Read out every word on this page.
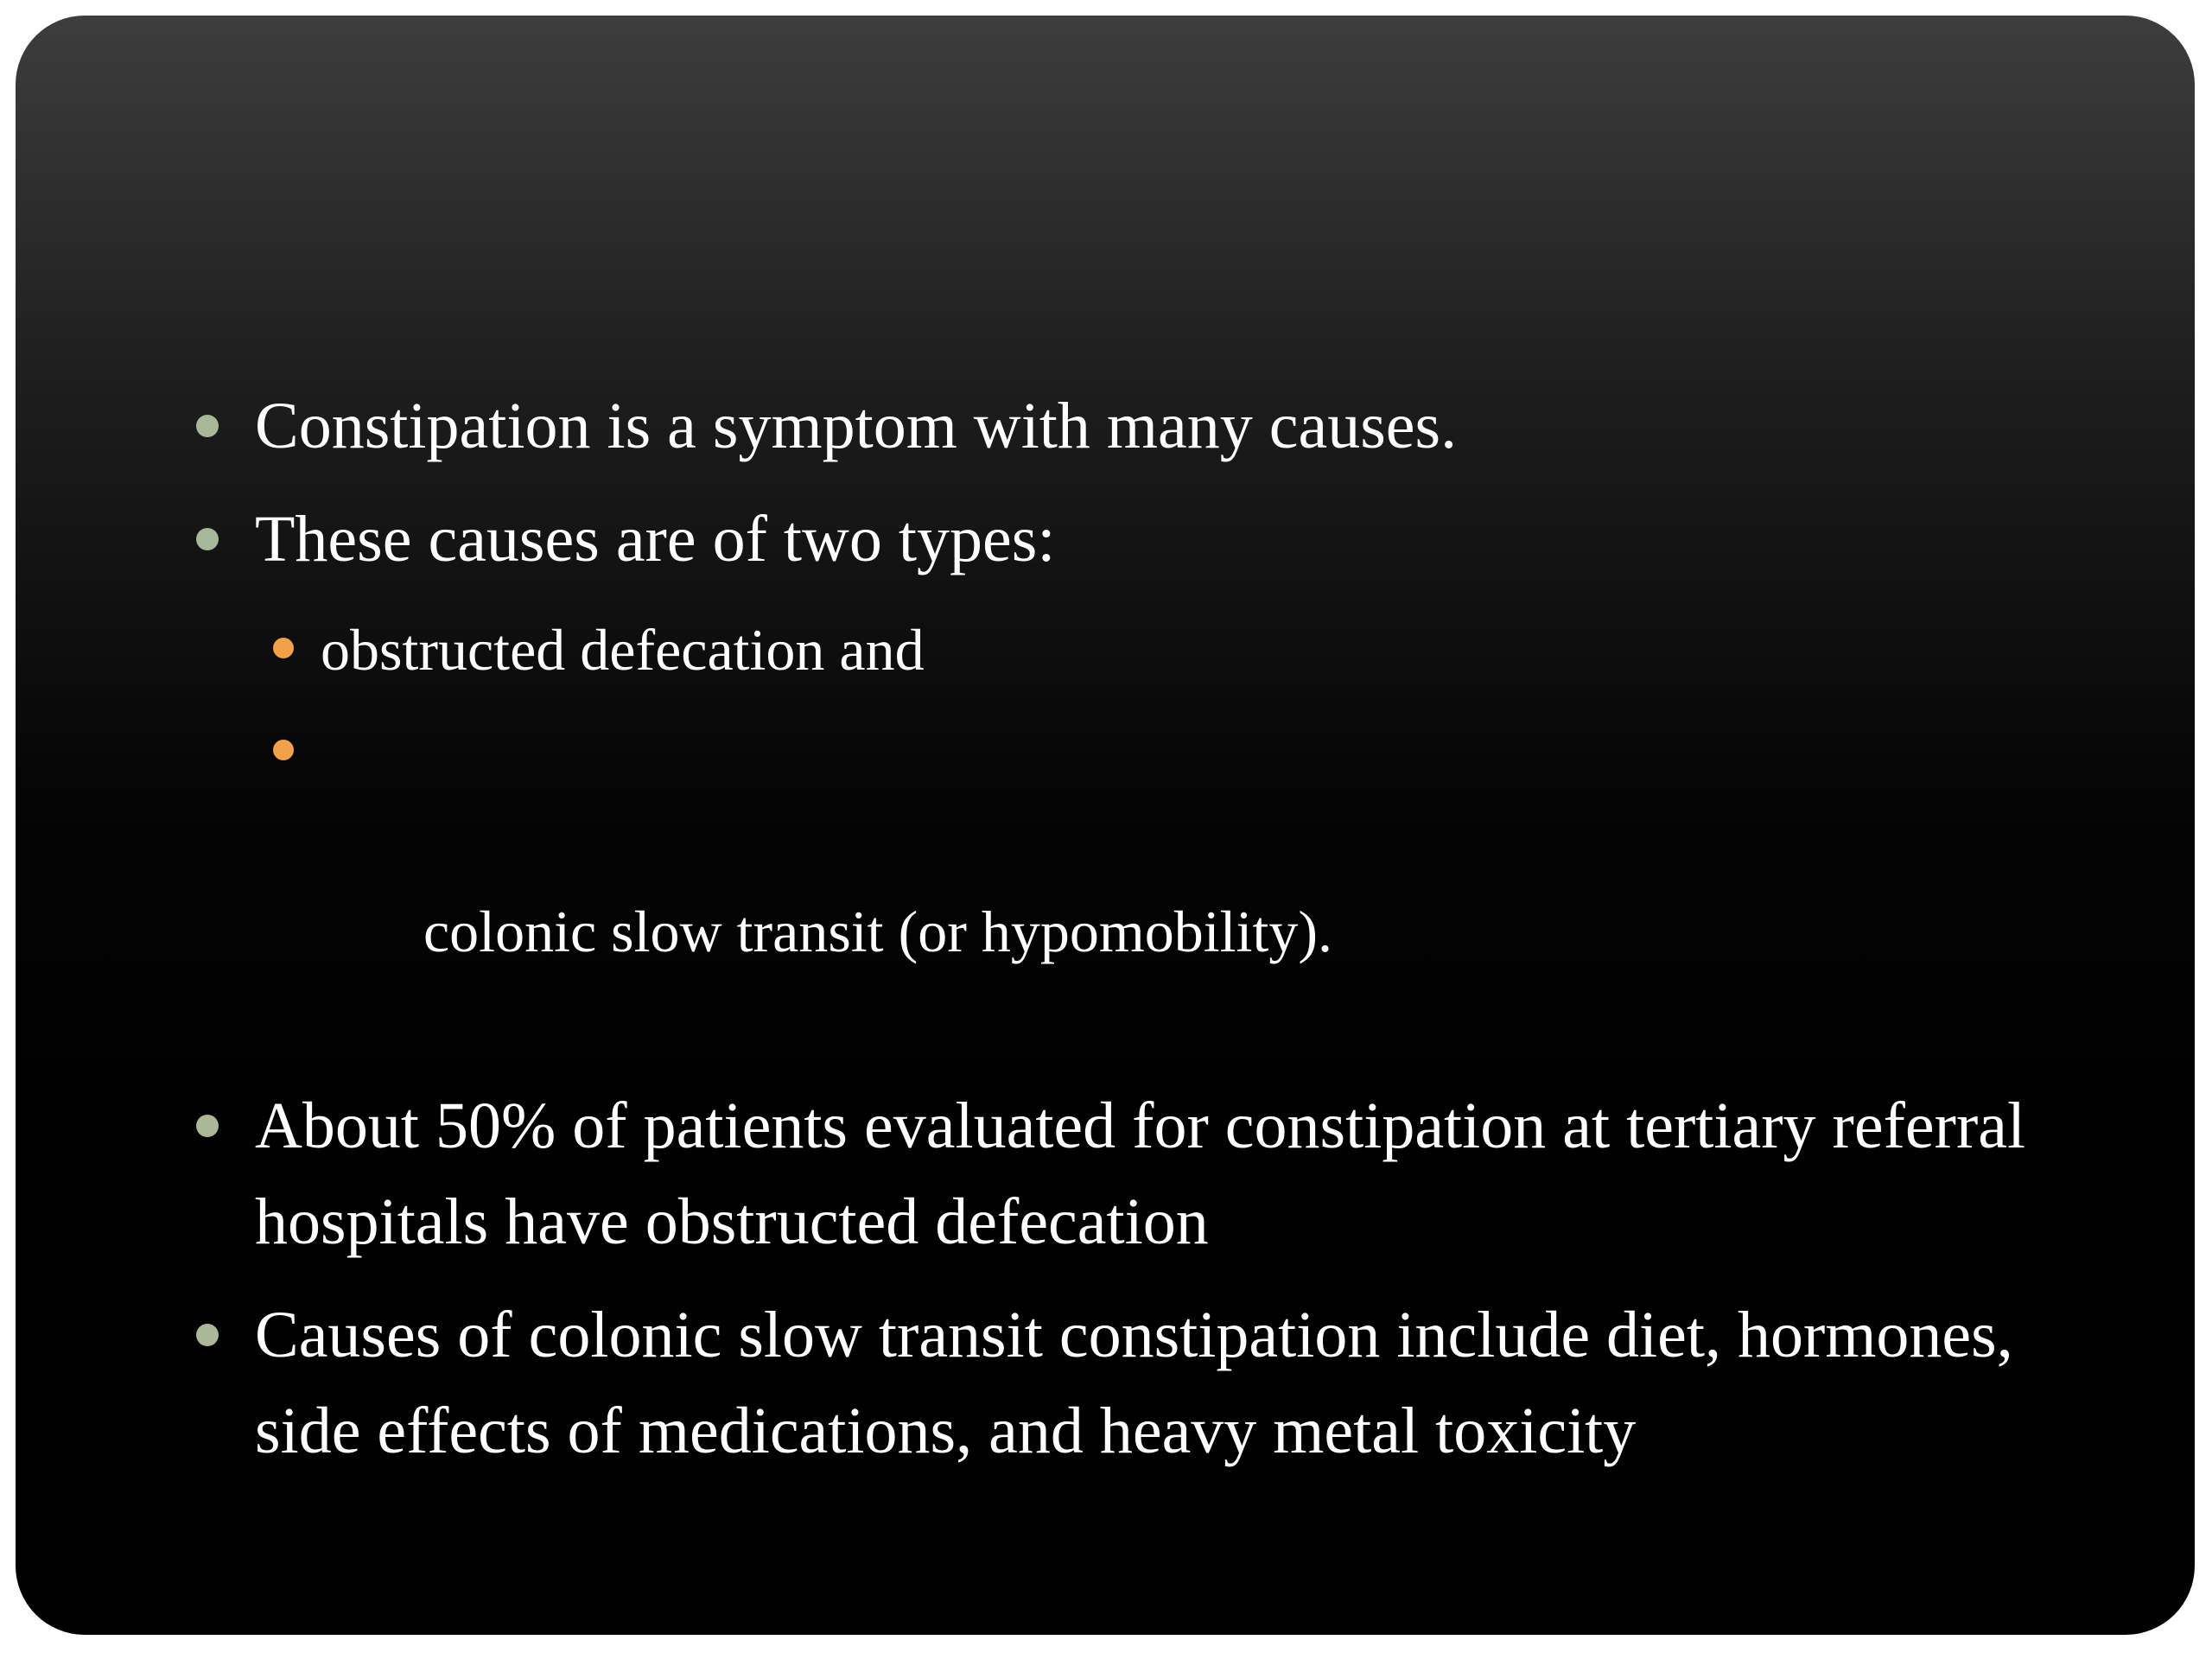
Constipation is a symptom with many causes.
These causes are of two types:
obstructed defecation and

colonic slow transit (or hypomobility).

About 50% of patients evaluated for constipation at tertiary referral hospitals have obstructed defecation
Causes of colonic slow transit constipation include diet, hormones, side effects of medications, and heavy metal toxicity
